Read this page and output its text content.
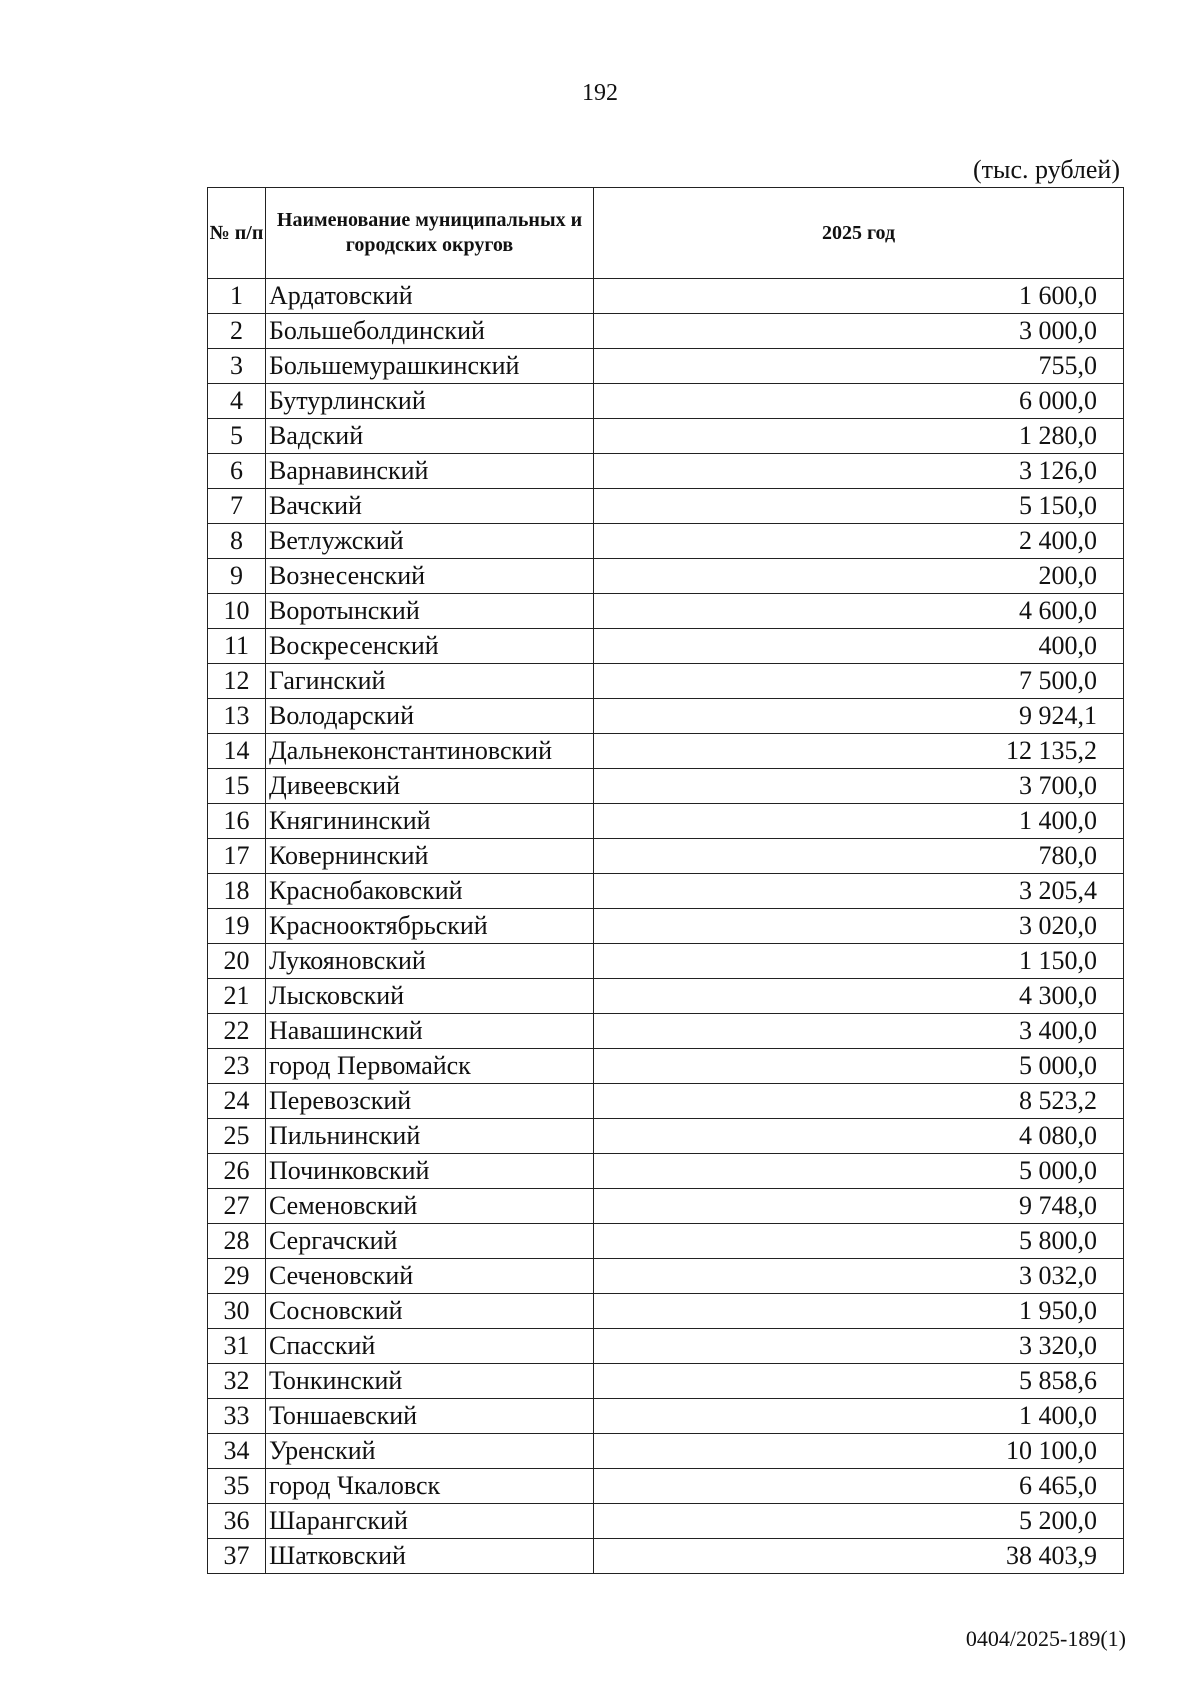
192
(тыс. рублей)
№ п/п	Наименование муниципальных и городских округов	2025 год
1	Ардатовский	1 600,0
2	Большеболдинский	3 000,0
3	Большемурашкинский	755,0
4	Бутурлинский	6 000,0
5	Вадский	1 280,0
6	Варнавинский	3 126,0
7	Вачский	5 150,0
8	Ветлужский	2 400,0
9	Вознесенский	200,0
10	Воротынский	4 600,0
11	Воскресенский	400,0
12	Гагинский	7 500,0
13	Володарский	9 924,1
14	Дальнеконстантиновский	12 135,2
15	Дивеевский	3 700,0
16	Княгининский	1 400,0
17	Ковернинский	780,0
18	Краснобаковский	3 205,4
19	Краснооктябрьский	3 020,0
20	Лукояновский	1 150,0
21	Лысковский	4 300,0
22	Навашинский	3 400,0
23	город Первомайск	5 000,0
24	Перевозский	8 523,2
25	Пильнинский	4 080,0
26	Починковский	5 000,0
27	Семеновский	9 748,0
28	Сергачский	5 800,0
29	Сеченовский	3 032,0
30	Сосновский	1 950,0
31	Спасский	3 320,0
32	Тонкинский	5 858,6
33	Тоншаевский	1 400,0
34	Уренский	10 100,0
35	город Чкаловск	6 465,0
36	Шарангский	5 200,0
37	Шатковский	38 403,9
0404/2025-189(1)
